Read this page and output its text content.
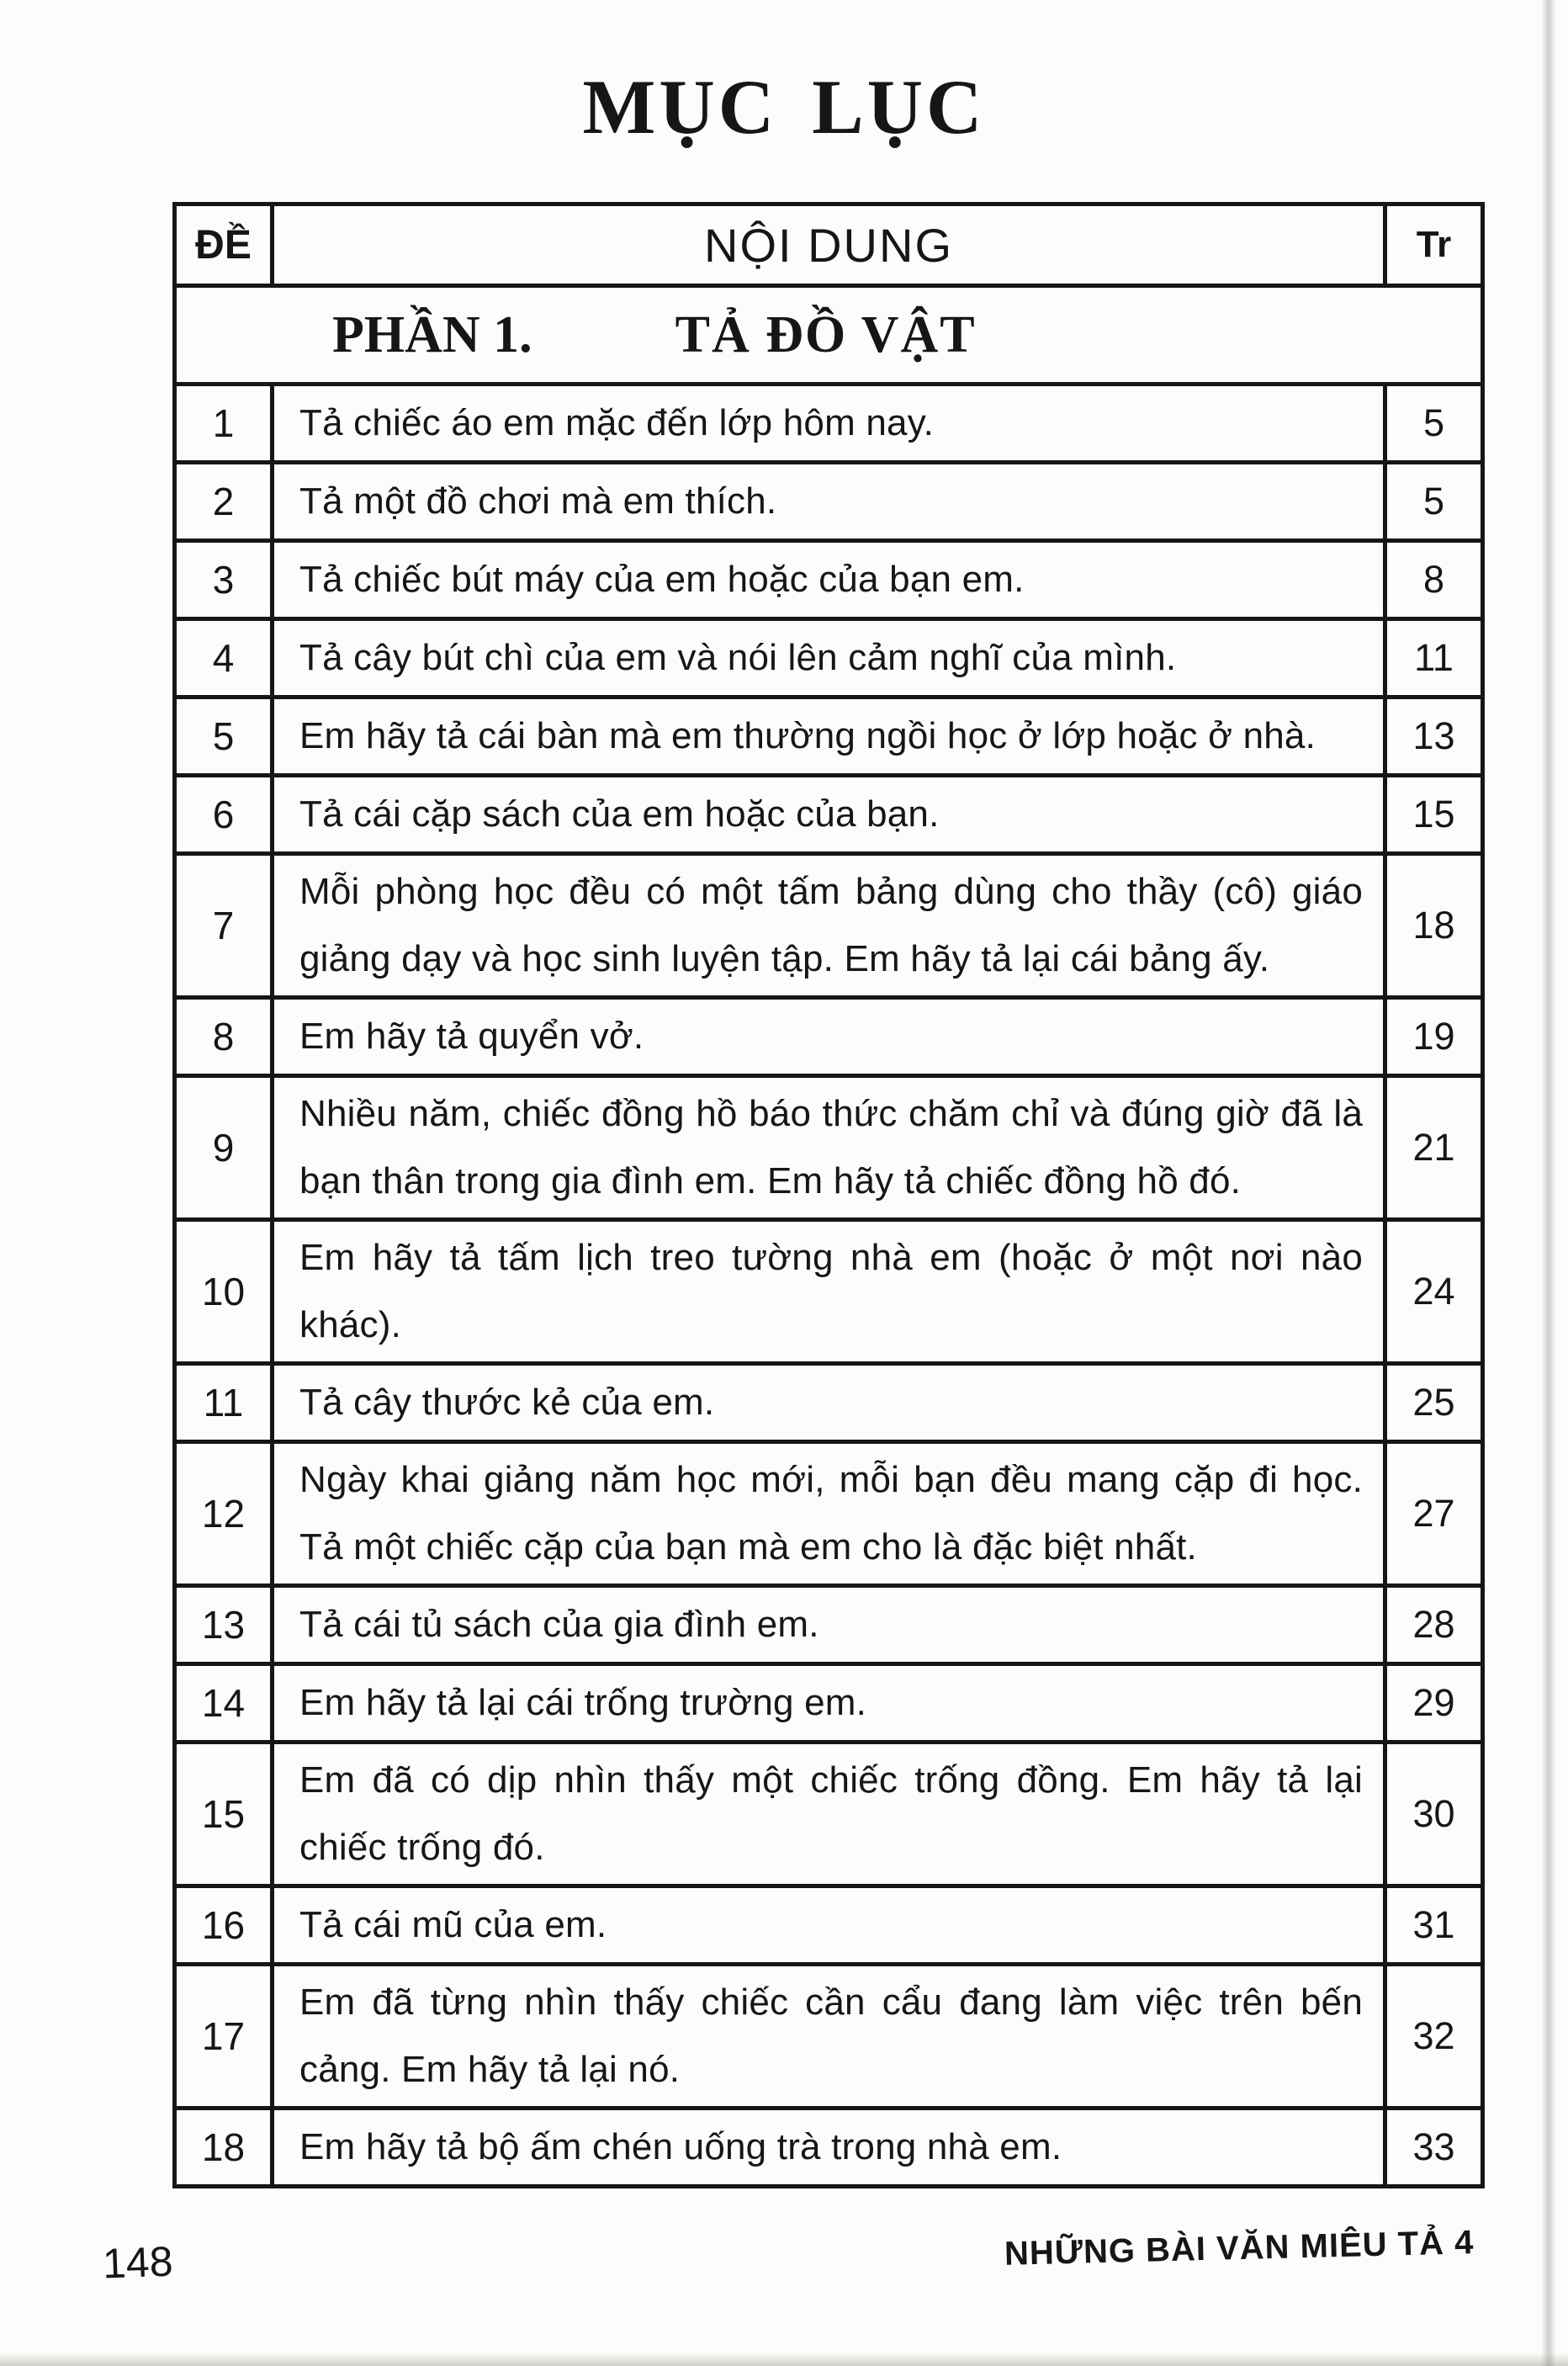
MỤC LỤC
ĐỀ	NỘI DUNG	Tr
PHẦN 1. TẢ ĐỒ VẬT		
1	Tả chiếc áo em mặc đến lớp hôm nay.	5
2	Tả một đồ chơi mà em thích.	5
3	Tả chiếc bút máy của em hoặc của bạn em.	8
4	Tả cây bút chì của em và nói lên cảm nghĩ của mình.	11
5	Em hãy tả cái bàn mà em thường ngồi học ở lớp hoặc ở nhà.	13
6	Tả cái cặp sách của em hoặc của bạn.	15
7	Mỗi phòng học đều có một tấm bảng dùng cho thầy (cô) giáo giảng dạy và học sinh luyện tập. Em hãy tả lại cái bảng ấy.	18
8	Em hãy tả quyển vở.	19
9	Nhiều năm, chiếc đồng hồ báo thức chăm chỉ và đúng giờ đã là bạn thân trong gia đình em. Em hãy tả chiếc đồng hồ đó.	21
10	Em hãy tả tấm lịch treo tường nhà em (hoặc ở một nơi nào khác).	24
11	Tả cây thước kẻ của em.	25
12	Ngày khai giảng năm học mới, mỗi bạn đều mang cặp đi học. Tả một chiếc cặp của bạn mà em cho là đặc biệt nhất.	27
13	Tả cái tủ sách của gia đình em.	28
14	Em hãy tả lại cái trống trường em.	29
15	Em đã có dịp nhìn thấy một chiếc trống đồng. Em hãy tả lại chiếc trống đó.	30
16	Tả cái mũ của em.	31
17	Em đã từng nhìn thấy chiếc cần cẩu đang làm việc trên bến cảng. Em hãy tả lại nó.	32
18	Em hãy tả bộ ấm chén uống trà trong nhà em.	33
148	NHỮNG BÀI VĂN MIÊU TẢ 4
